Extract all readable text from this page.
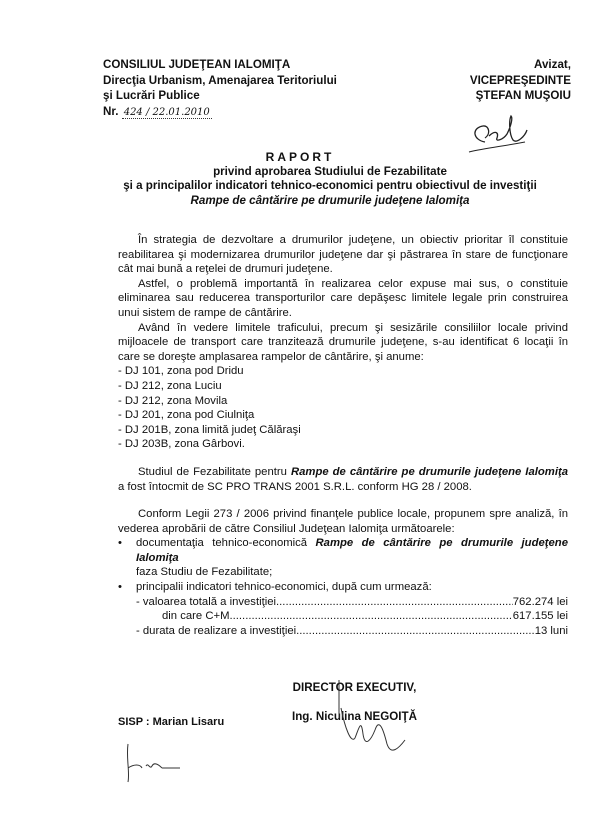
CONSILIUL JUDEŢEAN IALOMIŢA
Direcţia Urbanism, Amenajarea Teritoriului
şi Lucrări Publice
Nr. 424 / 22.01.2010
Avizat,
VICEPREŞEDINTE
ŞTEFAN MUŞOIU
RAPORT
privind aprobarea Studiului de Fezabilitate
şi a principalilor indicatori tehnico-economici pentru obiectivul de investiţii
Rampe de cântărire pe drumurile judeţene Ialomiţa

În strategia de dezvoltare a drumurilor judeţene, un obiectiv prioritar îl constituie reabilitarea şi modernizarea drumurilor judeţene dar şi păstrarea în stare de funcţionare cât mai bună a reţelei de drumuri judeţene.

Astfel, o problemă importantă în realizarea celor expuse mai sus, o constituie eliminarea sau reducerea transporturilor care depăşesc limitele legale prin construirea unui sistem de rampe de cântărire.

Având în vedere limitele traficului, precum şi sesizările consiliilor locale privind mijloacele de transport care tranzitează drumurile judeţene, s-au identificat 6 locaţii în care se doreşte amplasarea rampelor de cântărire, şi anume:

- DJ 101, zona pod Dridu
- DJ 212, zona Luciu
- DJ 212, zona Movila
- DJ 201, zona pod Ciulniţa
- DJ 201B, zona limită judeţ Călăraşi
- DJ 203B, zona Gârbovi.

Studiul de Fezabilitate pentru Rampe de cântărire pe drumurile judeţene Ialomiţa a fost întocmit de SC PRO TRANS 2001 S.R.L. conform HG 28 / 2008.

Conform Legii 273 / 2006 privind finanţele publice locale, propunem spre analiză, în vederea aprobării de către Consiliul Judeţean Ialomiţa următoarele:

• documentaţia tehnico-economică Rampe de cântărire pe drumurile judeţene Ialomiţa
faza Studiu de Fezabilitate;
• principalii indicatori tehnico-economici, după cum urmează:
- valoarea totală a investiţiei .....	762.274 lei
din care C+M .....	617.155 lei
- durata de realizare a investiţiei .....	13 luni
DIRECTOR EXECUTIV,
Ing. Niculina NEGOIŢĂ
SISP : Marian Lisaru
